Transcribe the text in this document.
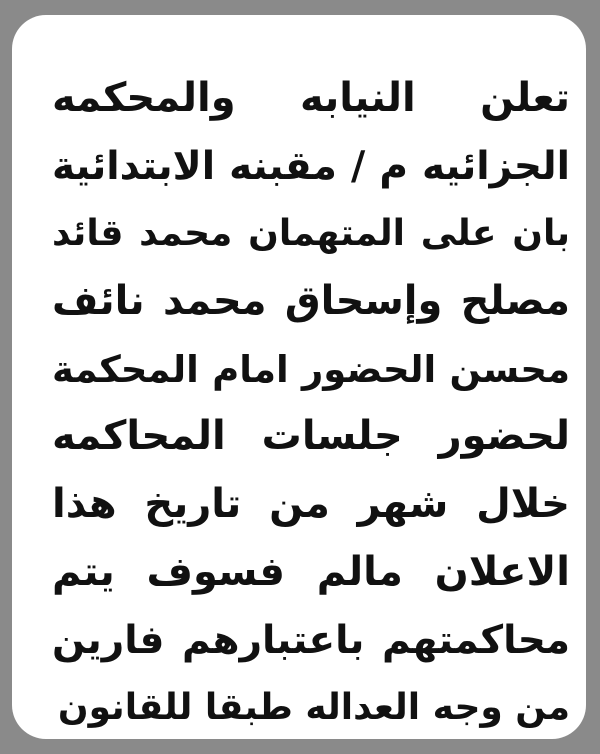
تعلن النيابه والمحكمه
الجزائيه م / مقبنه الابتدائية
بان على المتهمان محمد قائد
مصلح وإسحاق محمد نائف
محسن الحضور امام المحكمة
لحضور جلسات المحاكمه
خلال شهر من تاريخ هذا
الاعلان مالم فسوف يتم
محاكمتهم باعتبارهم فارين
من وجه العداله طبقا للقانون
